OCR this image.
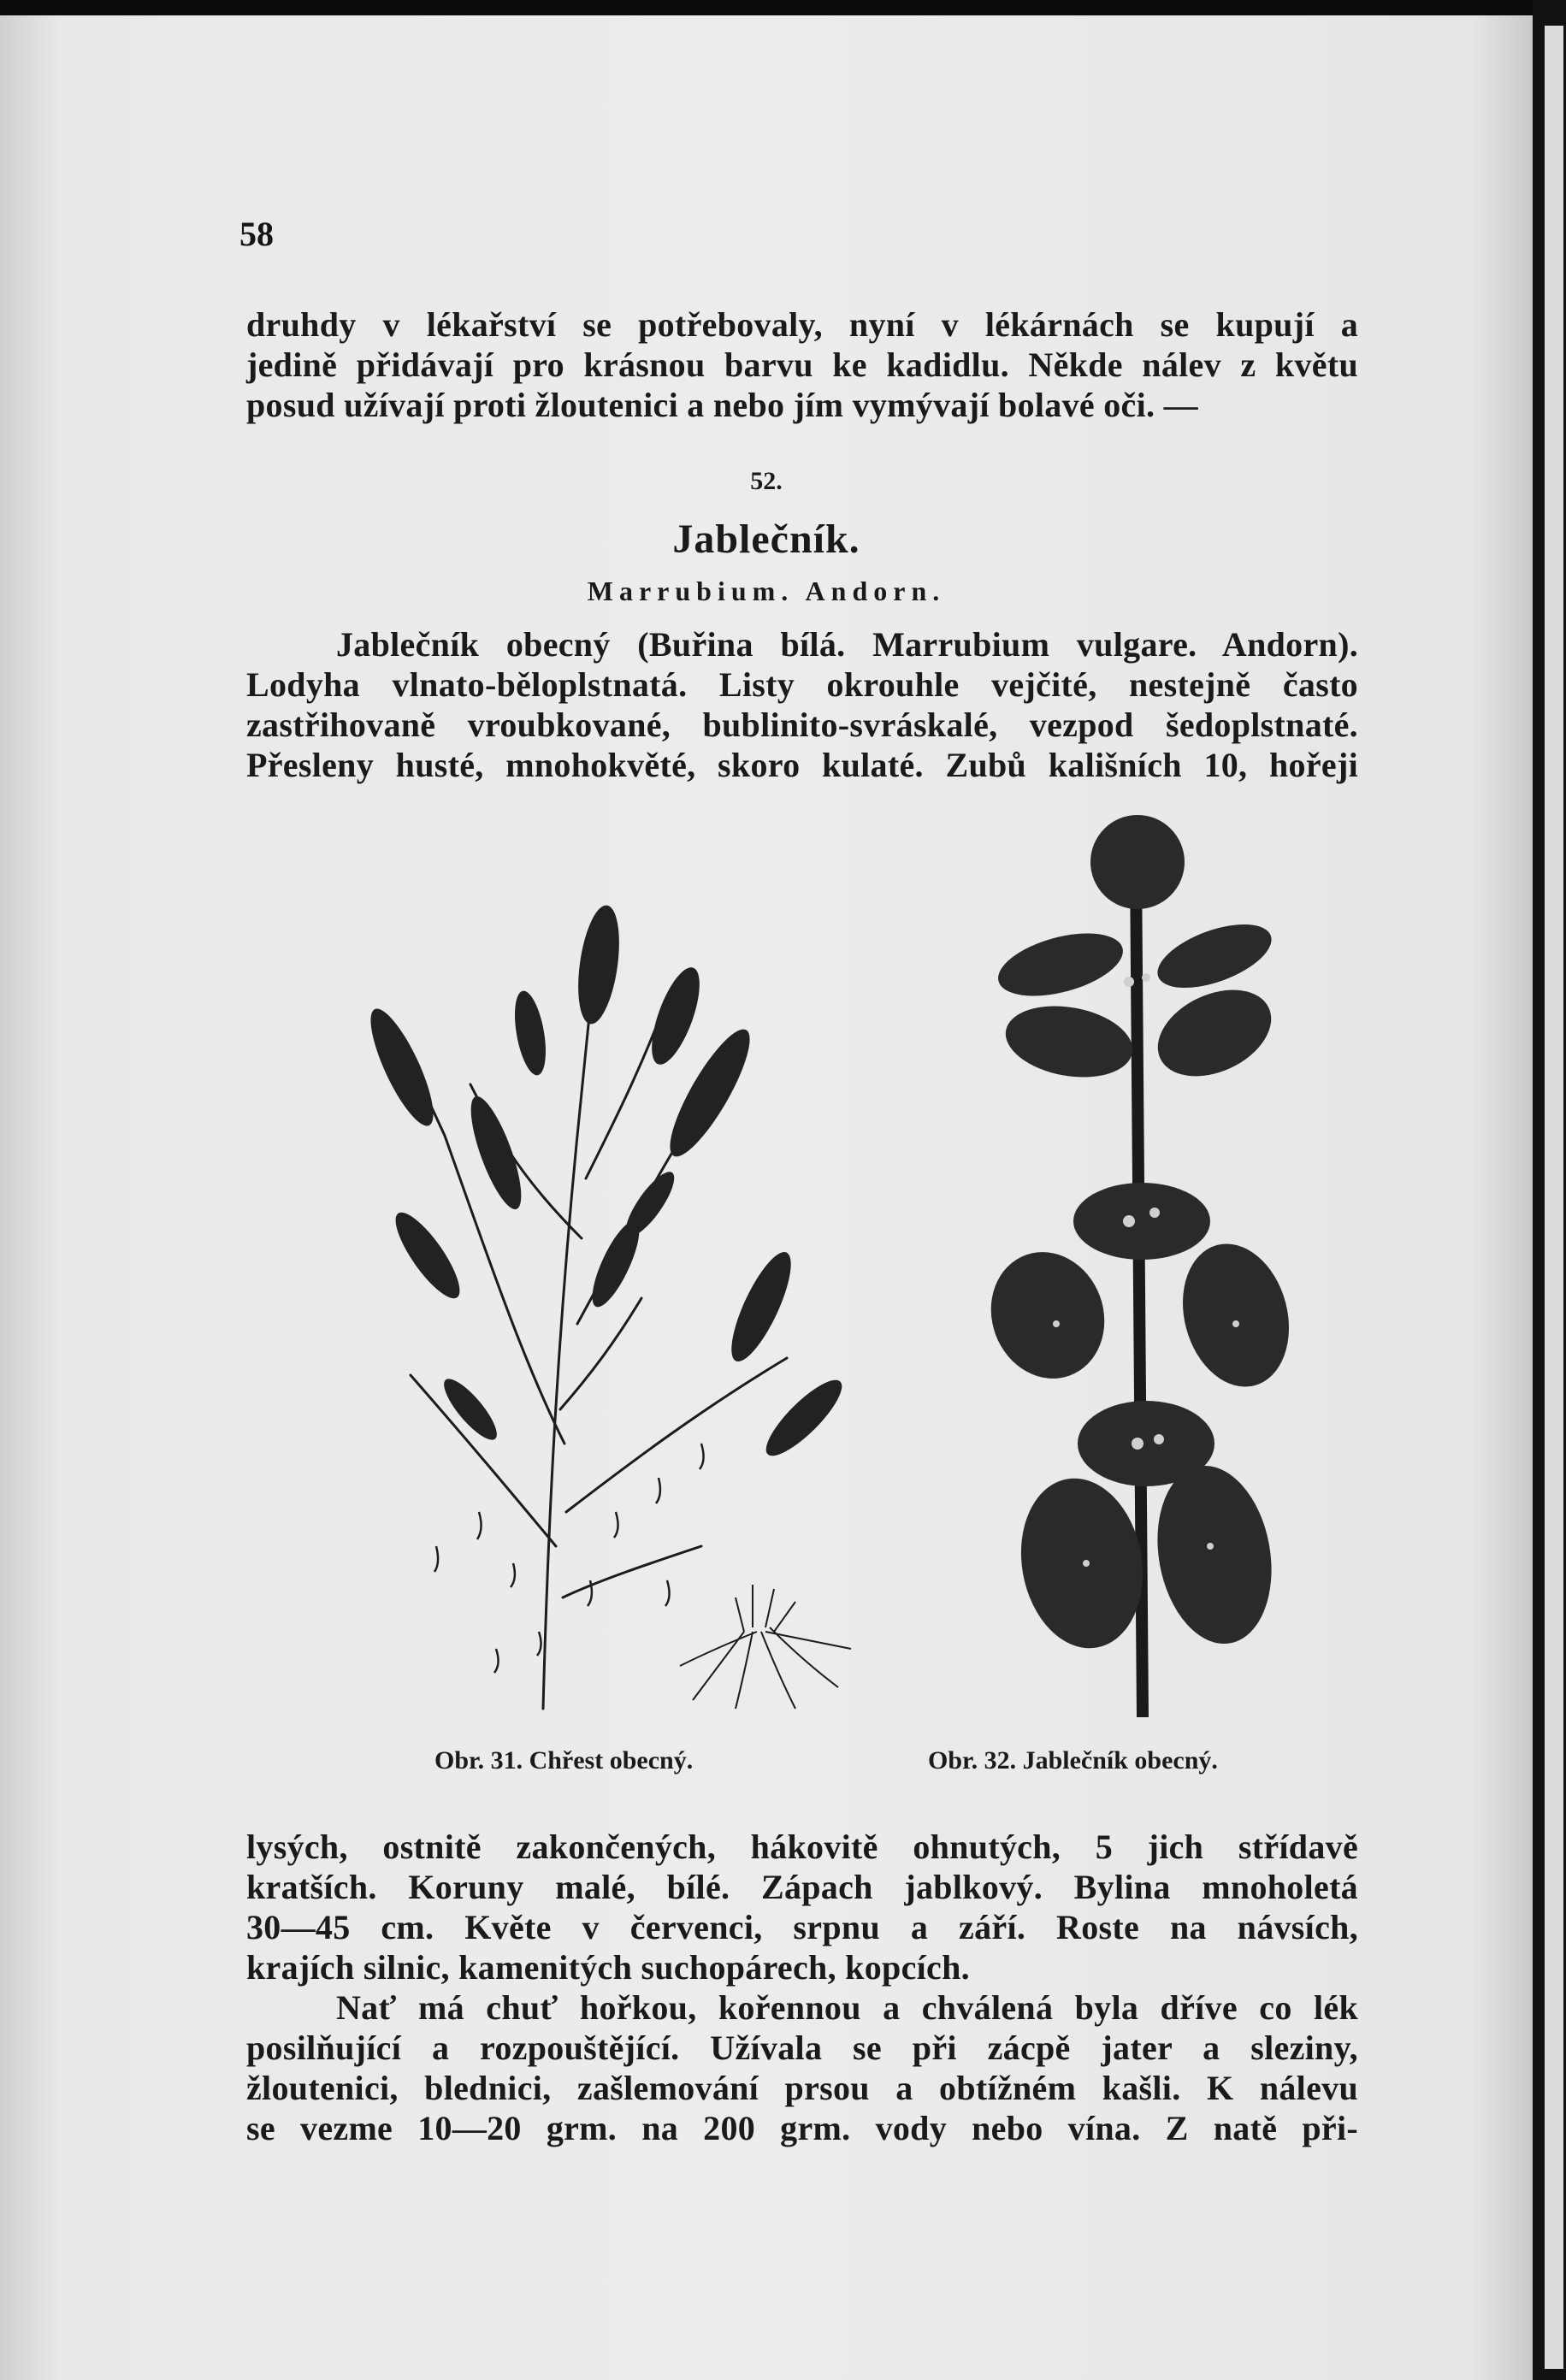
58
druhdy v lékařství se potřebovaly, nyní v lékárnách se kupují a
jedině přidávají pro krásnou barvu ke kadidlu. Někde nálev z květu
posud užívají proti žloutenici a nebo jím vymývají bolavé oči. —
52.
Jablečník.
Marrubium. Andorn.
Jablečník obecný (Buřina bílá. Marrubium vulgare. Andorn).
Lodyha vlnato-běloplstnatá. Listy okrouhle vejčité, nestejně často
zastřihovaně vroubkované, bublinito-svráskalé, vezpod šedoplstnaté.
Přesleny husté, mnohokvěté, skoro kulaté. Zubů kališních 10, hořeji
Obr. 31. Chřest obecný.	Obr. 32. Jablečník obecný.
lysých, ostnitě zakončených, hákovitě ohnutých, 5 jich střídavě
kratších. Koruny malé, bílé. Zápach jablkový. Bylina mnoholetá
30—45 cm. Květe v červenci, srpnu a září. Roste na návsích,
krajích silnic, kamenitých suchopárech, kopcích.
Nať má chuť hořkou, kořennou a chválená byla dříve co lék
posilňující a rozpouštějící. Užívala se při zácpě jater a sleziny,
žloutenici, blednici, zašlemování prsou a obtížném kašli. K nálevu
se vezme 10—20 grm. na 200 grm. vody nebo vína. Z natě při-
